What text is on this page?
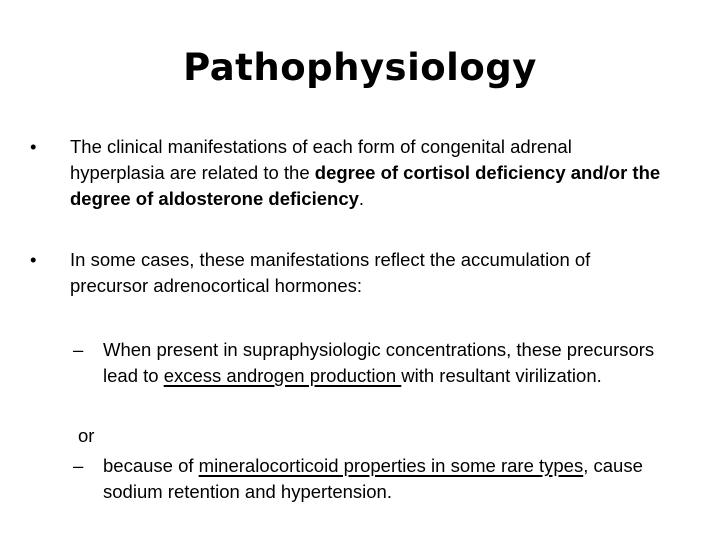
Pathophysiology
• The clinical manifestations of each form of congenital adrenal hyperplasia are related to the degree of cortisol deficiency and/or the degree of aldosterone deficiency.
• In some cases, these manifestations reflect the accumulation of precursor adrenocortical hormones:
– When present in supraphysiologic concentrations, these precursors lead to excess androgen production with resultant virilization.
or
– because of mineralocorticoid properties in some rare types, cause sodium retention and hypertension.
